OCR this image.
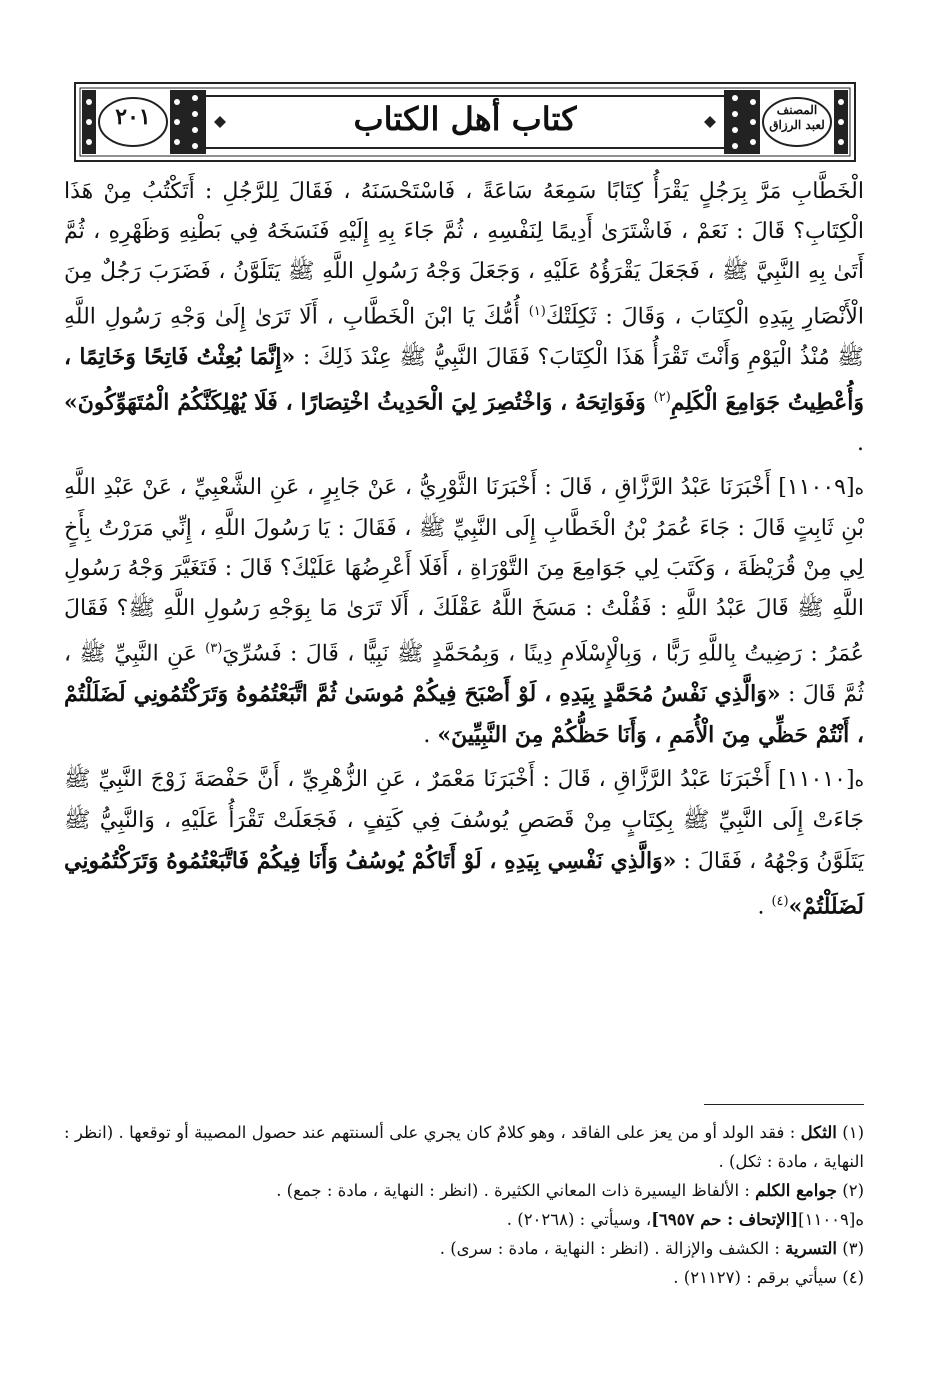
٢٠١	كتاب أهل الكتاب	المصنف
لعبد الرزاق

الْخَطَّابِ مَرَّ بِرَجُلٍ يَقْرَأُ كِتَابًا سَمِعَهُ سَاعَةً ، فَاسْتَحْسَنَهُ ، فَقَالَ لِلرَّجُلِ : أَتَكْتُبُ مِنْ هَذَا الْكِتَابِ؟ قَالَ : نَعَمْ ، فَاشْتَرَىٰ أَدِيمًا لِنَفْسِهِ ، ثُمَّ جَاءَ بِهِ إِلَيْهِ فَنَسَخَهُ فِي بَطْنِهِ وَظَهْرِهِ ، ثُمَّ أَتَىٰ بِهِ النَّبِيَّ ﷺ ، فَجَعَلَ يَقْرَؤُهُ عَلَيْهِ ، وَجَعَلَ وَجْهُ رَسُولِ اللَّهِ ﷺ يَتَلَوَّنُ ، فَضَرَبَ رَجُلٌ مِنَ الْأَنْصَارِ بِيَدِهِ الْكِتَابَ ، وَقَالَ : ثَكِلَتْكَ$^{(١)}$ أُمُّكَ يَا ابْنَ الْخَطَّابِ ، أَلَا تَرَىٰ إِلَىٰ وَجْهِ رَسُولِ اللَّهِ ﷺ مُنْذُ الْيَوْمِ وَأَنْتَ تَقْرَأُ هَذَا الْكِتَابَ؟ فَقَالَ النَّبِيُّ ﷺ عِنْدَ ذَلِكَ : «إِنَّمَا بُعِثْتُ فَاتِحًا وَخَاتِمًا ، وَأُعْطِيتُ جَوَامِعَ الْكَلِمِ$^{(٢)}$ وَفَوَاتِحَهُ ، وَاخْتُصِرَ لِيَ الْحَدِيثُ اخْتِصَارًا ، فَلَا يُهْلِكَنَّكُمُ الْمُتَهَوِّكُونَ» .

ه[١١٠٠٩] أَخْبَرَنَا عَبْدُ الرَّزَّاقِ ، قَالَ : أَخْبَرَنَا الثَّوْرِيُّ ، عَنْ جَابِرٍ ، عَنِ الشَّعْبِيِّ ، عَنْ عَبْدِ اللَّهِ بْنِ ثَابِتٍ قَالَ : جَاءَ عُمَرُ بْنُ الْخَطَّابِ إِلَى النَّبِيِّ ﷺ ، فَقَالَ : يَا رَسُولَ اللَّهِ ، إِنِّي مَرَرْتُ بِأَخٍ لِي مِنْ قُرَيْظَةَ ، وَكَتَبَ لِي جَوَامِعَ مِنَ التَّوْرَاةِ ، أَفَلَا أَعْرِضُهَا عَلَيْكَ؟ قَالَ : فَتَغَيَّرَ وَجْهُ رَسُولِ اللَّهِ ﷺ قَالَ عَبْدُ اللَّهِ : فَقُلْتُ : مَسَخَ اللَّهُ عَقْلَكَ ، أَلَا تَرَىٰ مَا بِوَجْهِ رَسُولِ اللَّهِ ﷺ؟ فَقَالَ عُمَرُ : رَضِيتُ بِاللَّهِ رَبًّا ، وَبِالْإِسْلَامِ دِينًا ، وَبِمُحَمَّدٍ ﷺ نَبِيًّا ، قَالَ : فَسُرِّيَ$^{(٣)}$ عَنِ النَّبِيِّ ﷺ ، ثُمَّ قَالَ : «وَالَّذِي نَفْسُ مُحَمَّدٍ بِيَدِهِ ، لَوْ أَصْبَحَ فِيكُمْ مُوسَىٰ ثُمَّ اتَّبَعْتُمُوهُ وَتَرَكْتُمُونِي لَضَلَلْتُمْ ، أَنْتُمْ حَظِّي مِنَ الْأُمَمِ ، وَأَنَا حَظُّكُمْ مِنَ النَّبِيِّينَ» .

ه[١١٠١٠] أَخْبَرَنَا عَبْدُ الرَّزَّاقِ ، قَالَ : أَخْبَرَنَا مَعْمَرٌ ، عَنِ الزُّهْرِيِّ ، أَنَّ حَفْصَةَ زَوْجَ النَّبِيِّ ﷺ جَاءَتْ إِلَى النَّبِيِّ ﷺ بِكِتَابٍ مِنْ قَصَصِ يُوسُفَ فِي كَتِفٍ ، فَجَعَلَتْ تَقْرَأُ عَلَيْهِ ، وَالنَّبِيُّ ﷺ يَتَلَوَّنُ وَجْهُهُ ، فَقَالَ : «وَالَّذِي نَفْسِي بِيَدِهِ ، لَوْ أَتَاكُمْ يُوسُفُ وَأَنَا فِيكُمْ فَاتَّبَعْتُمُوهُ وَتَرَكْتُمُونِي لَضَلَلْتُمْ»$^{(٤)}$ .

(١) الثكل : فقد الولد أو من يعز على الفاقد ، وهو كلامٌ كان يجري على ألسنتهم عند حصول المصيبة أو توقعها . (انظر : النهاية ، مادة : ثكل) .

(٢) جوامع الكلم : الألفاظ اليسيرة ذات المعاني الكثيرة . (انظر : النهاية ، مادة : جمع) .

ه[١١٠٠٩][الإتحاف : حم ٦٩٥٧]، وسيأتي : (٢٠٢٦٨) .

(٣) التسرية : الكشف والإزالة . (انظر : النهاية ، مادة : سرى) .

(٤) سيأتي برقم : (٢١١٢٧) .
